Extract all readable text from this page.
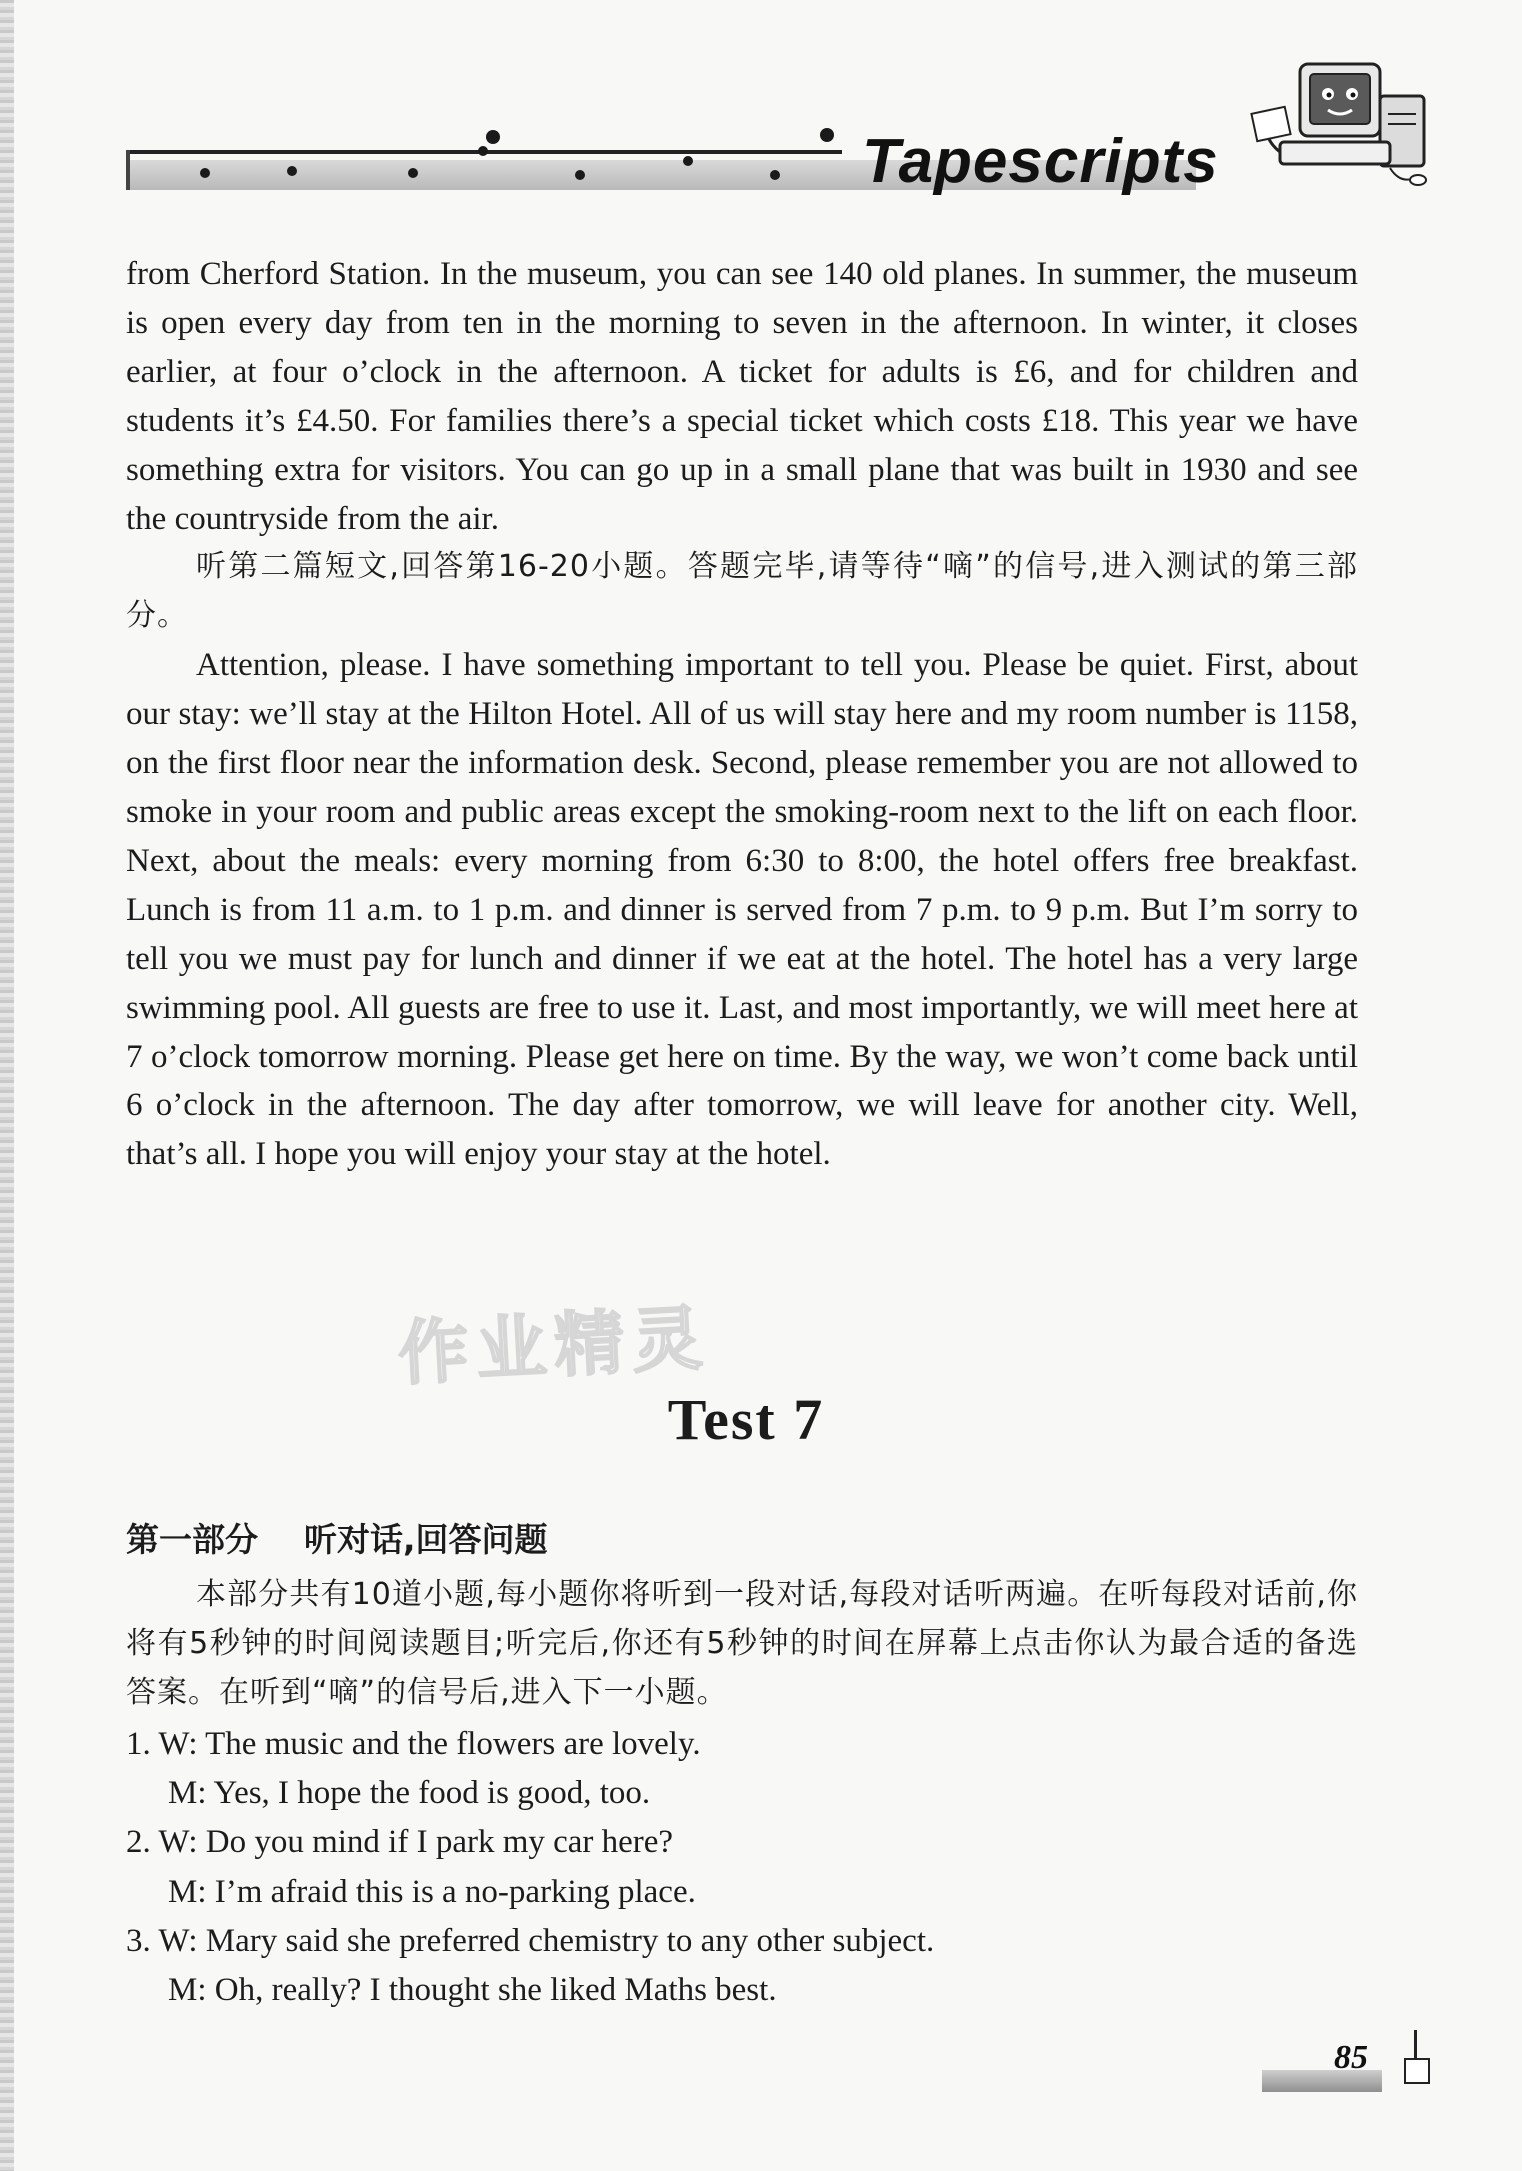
Tapescripts

from Cherford Station. In the museum, you can see 140 old planes. In summer, the museum is open every day from ten in the morning to seven in the afternoon. In winter, it closes earlier, at four o’clock in the afternoon. A ticket for adults is £6, and for children and students it’s £4.50. For families there’s a special ticket which costs £18. This year we have something extra for visitors. You can go up in a small plane that was built in 1930 and see the countryside from the air.

听第二篇短文,回答第16-20小题。答题完毕,请等待“嘀”的信号,进入测试的第三部分。

Attention, please. I have something important to tell you. Please be quiet. First, about our stay: we’ll stay at the Hilton Hotel. All of us will stay here and my room number is 1158, on the first floor near the information desk. Second, please remember you are not allowed to smoke in your room and public areas except the smoking-room next to the lift on each floor. Next, about the meals: every morning from 6:30 to 8:00, the hotel offers free breakfast. Lunch is from 11 a.m. to 1 p.m. and dinner is served from 7 p.m. to 9 p.m. But I’m sorry to tell you we must pay for lunch and dinner if we eat at the hotel. The hotel has a very large swimming pool. All guests are free to use it. Last, and most importantly, we will meet here at 7 o’clock tomorrow morning. Please get here on time. By the way, we won’t come back until 6 o’clock in the afternoon. The day after tomorrow, we will leave for another city. Well, that’s all. I hope you will enjoy your stay at the hotel.

作业精灵
Test 7
第一部分 听对话,回答问题
本部分共有10道小题,每小题你将听到一段对话,每段对话听两遍。在听每段对话前,你将有5秒钟的时间阅读题目;听完后,你还有5秒钟的时间在屏幕上点击你认为最合适的备选答案。在听到“嘀”的信号后,进入下一小题。
1. W: The music and the flowers are lovely.
M: Yes, I hope the food is good, too.
2. W: Do you mind if I park my car here?
M: I’m afraid this is a no-parking place.
3. W: Mary said she preferred chemistry to any other subject.
M: Oh, really? I thought she liked Maths best.
85
